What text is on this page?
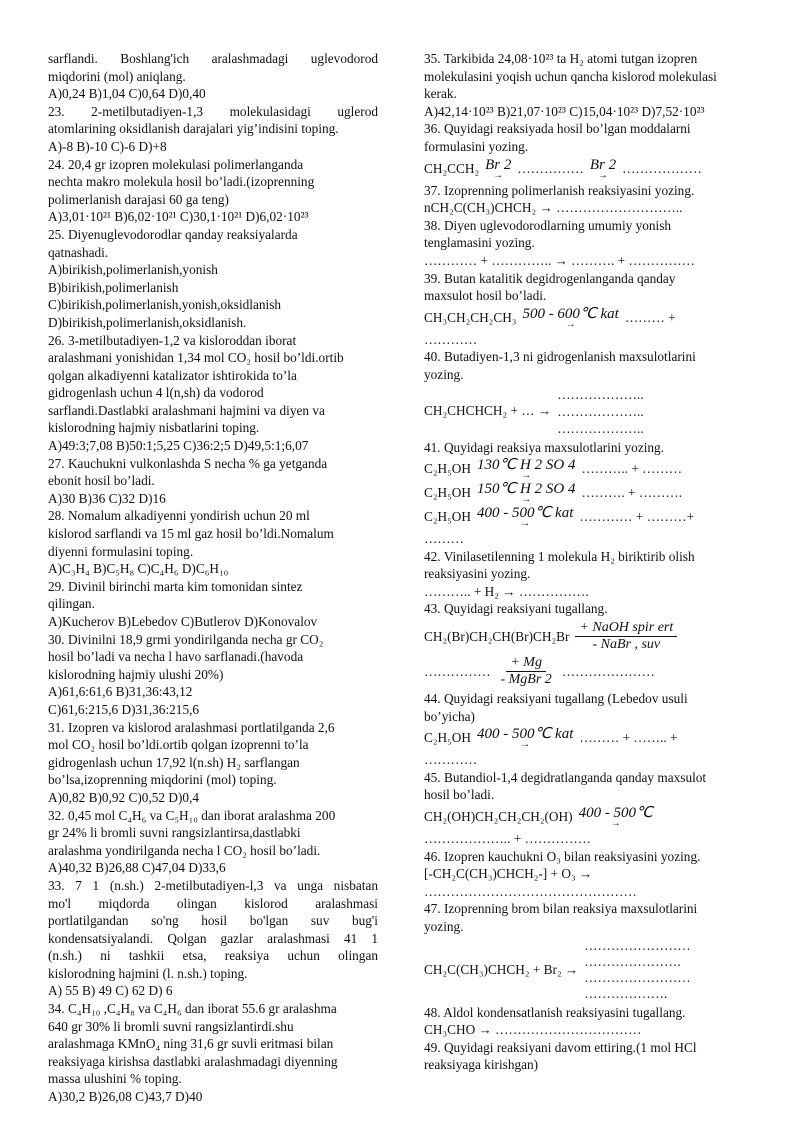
sarflandi. Boshlang'ich aralashmadagi uglevodorod
miqdorini (mol) aniqlang.
A)0,24 B)1,04 C)0,64 D)0,40
23. 2-metilbutadiyen-1,3 molekulasidagi uglerod
atomlarining oksidlanish darajalari yig’indisini toping.
A)-8 B)-10 C)-6 D)+8
24. 20,4 gr izopren molekulasi polimerlanganda
nechta makro molekula hosil bo’ladi.(izoprenning
polimerlanish darajasi 60 ga teng)
A)3,01·10²¹ B)6,02·10²¹ C)30,1·10²¹ D)6,02·10²³
25. Diyenuglevodorodlar qanday reaksiyalarda
qatnashadi.
A)birikish,polimerlanish,yonish
B)birikish,polimerlanish
C)birikish,polimerlanish,yonish,oksidlanish
D)birikish,polimerlanish,oksidlanish.
26. 3-metilbutadiyen-1,2 va kisloroddan iborat
aralashmani yonishidan 1,34 mol CO₂ hosil bo’ldi.ortib
qolgan alkadiyenni katalizator ishtirokida to’la
gidrogenlash uchun 4 l(n,sh) da vodorod
sarflandi.Dastlabki aralashmani hajmini va diyen va
kislorodning hajmiy nisbatlarini toping.
A)49:3;7,08 B)50:1;5,25 C)36:2;5 D)49,5:1;6,07
27. Kauchukni vulkonlashda S necha % ga yetganda
ebonit hosil bo’ladi.
A)30 B)36 C)32 D)16
28. Nomalum alkadiyenni yondirish uchun 20 ml
kislorod sarflandi va 15 ml gaz hosil bo’ldi.Nomalum
diyenni formulasini toping.
A)C₃H₄ B)C₅H₈ C)C₄H₆ D)C₆H₁₀
29. Divinil birinchi marta kim tomonidan sintez
qilingan.
A)Kucherov B)Lebedov C)Butlerov D)Konovalov
30. Divinilni 18,9 grmi yondirilganda necha gr CO₂
hosil bo’ladi va necha l havo sarflanadi.(havoda
kislorodning hajmiy ulushi 20%)
A)61,6:61,6 B)31,36:43,12
C)61,6:215,6 D)31,36:215,6
31. Izopren va kislorod aralashmasi portlatilganda 2,6
mol CO₂ hosil bo’ldi.ortib qolgan izoprenni to’la
gidrogenlash uchun 17,92 l(n.sh) H₂ sarflangan
bo’lsa,izoprenning miqdorini (mol) toping.
A)0,82 B)0,92 C)0,52 D)0,4
32. 0,45 mol C₄H₆ va C₅H₁₀ dan iborat aralashma 200
gr 24% li bromli suvni rangsizlantirsa,dastlabki
aralashma yondirilganda necha l CO₂ hosil bo’ladi.
A)40,32 B)26,88 C)47,04 D)33,6
33. 7 1 (n.sh.) 2-metilbutadiyen-l,3 va unga nisbatan
mo'l miqdorda olingan kislorod aralashmasi
portlatilgandan so'ng hosil bo'lgan suv bug'i
kondensatsiyalandi. Qolgan gazlar aralashmasi 41 1
(n.sh.) ni tashkii etsa, reaksiya uchun olingan
kislorodning hajmini (l. n.sh.) toping.
A) 55 B) 49 C) 62 D) 6
34. C₄H₁₀ ,C₄H₈ va C₄H₆ dan iborat 55.6 gr aralashma
640 gr 30% li bromli suvni rangsizlantirdi.shu
aralashmaga KMnO₄ ning 31,6 gr suvli eritmasi bilan
reaksiyaga kirishsa dastlabki aralashmadagi diyenning
massa ulushini % toping.
A)30,2 B)26,08 C)43,7 D)40
35. Tarkibida 24,08·10²³ ta H₂ atomi tutgan izopren
molekulasini yoqish uchun qancha kislorod molekulasi
kerak.
A)42,14·10²³ B)21,07·10²³ C)15,04·10²³ D)7,52·10²³
36. Quyidagi reaksiyada hosil bo’lgan moddalarni
formulasini yozing.
CH₂CCH₂ Br 2
→ …………… Br 2
→ ………………
37. Izoprenning polimerlanish reaksiyasini yozing.
nCH₂C(CH₃)CHCH₂ → ………………………..
38. Diyen uglevodorodlarning umumiy yonish
tenglamasini yozing.
………… + ………….. → ………. + ……………
39. Butan katalitik degidrogenlanganda qanday
maxsulot hosil bo’ladi.
CH₃CH₂CH₂CH₃ 500 - 600℃ kat
→	……… +
…………
40. Butadiyen-1,3 ni gidrogenlanish maxsulotlarini
yozing.
CH₂CHCHCH₂ + … →
………………..
………………..
………………..
41. Quyidagi reaksiya maxsulotlarini yozing.
C₂H₅OH 130℃ H 2 SO 4
→	……….. + ………
C₂H₅OH 150℃ H 2 SO 4
→	………. + ……….
C₂H₅OH 400 - 500℃ kat
→	………… + ………+
………
42. Vinilasetilenning 1 molekula H₂ biriktirib olish
reaksiyasini yozing.
……….. + H₂ → …………….
43. Quyidagi reaksiyani tugallang.
$CH_2(Br)CH_2CH(Br)CH_2Br \frac{\text{+ NaOH spir ert}}{\text{- NaBr , suv}}$
…………… $\frac{+ Mg}{\text{- MgBr 2}}$ …………………
44. Quyidagi reaksiyani tugallang (Lebedov usuli
bo’yicha)
C₂H₅OH 400 - 500℃ kat
→	……… + …….. +
…………
45. Butandiol-1,4 degidratlanganda qanday maxsulot
hosil bo’ladi.
CH₂(OH)CH₂CH₂CH₂(OH) 400 - 500℃
→
……………….. + ……………
46. Izopren kauchukni O₃ bilan reaksiyasini yozing.
[-CH₂C(CH₃)CHCH₂-] + O₃ →
…………………………………………
47. Izoprenning brom bilan reaksiya maxsulotlarini
yozing.
CH₂C(CH₃)CHCH₂ + Br₂ →
……………………
………………….
……………………
……………….
48. Aldol kondensatlanish reaksiyasini tugallang.
CH₃CHO → ……………………………
49. Quyidagi reaksiyani davom ettiring.(1 mol HCl
reaksiyaga kirishgan)
